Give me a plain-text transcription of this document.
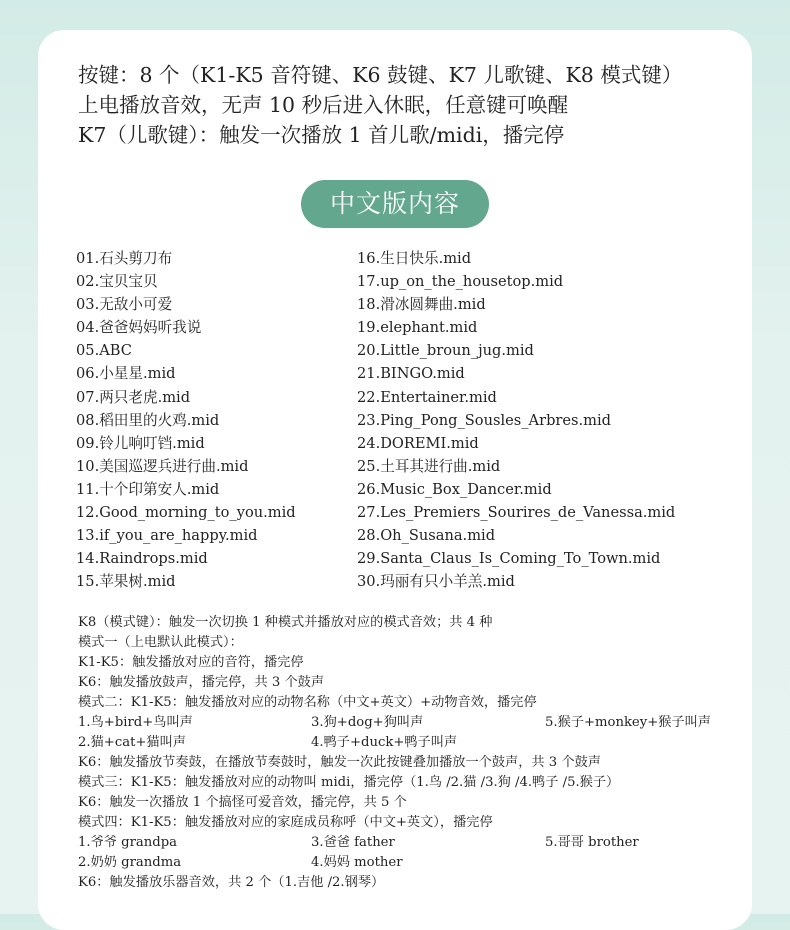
按键：8 个（K1-K5 音符键、K6 鼓键、K7 儿歌键、K8 模式键）
上电播放音效，无声 10 秒后进入休眠，任意键可唤醒
K7（儿歌键）：触发一次播放 1 首儿歌/midi，播完停
中文版内容
01.石头剪刀布
02.宝贝宝贝
03.无敌小可爱
04.爸爸妈妈听我说
05.ABC
06.小星星.mid
07.两只老虎.mid
08.稻田里的火鸡.mid
09.铃儿响叮铛.mid
10.美国巡逻兵进行曲.mid
11.十个印第安人.mid
12.Good_morning_to_you.mid
13.if_you_are_happy.mid
14.Raindrops.mid
15.苹果树.mid
16.生日快乐.mid
17.up_on_the_housetop.mid
18.滑冰圆舞曲.mid
19.elephant.mid
20.Little_broun_jug.mid
21.BINGO.mid
22.Entertainer.mid
23.Ping_Pong_Sousles_Arbres.mid
24.DOREMI.mid
25.土耳其进行曲.mid
26.Music_Box_Dancer.mid
27.Les_Premiers_Sourires_de_Vanessa.mid
28.Oh_Susana.mid
29.Santa_Claus_Is_Coming_To_Town.mid
30.玛丽有只小羊羔.mid
K8（模式键）：触发一次切换 1 种模式并播放对应的模式音效；共 4 种
模式一（上电默认此模式）：
K1-K5：触发播放对应的音符，播完停
K6：触发播放鼓声，播完停，共 3 个鼓声
模式二：K1-K5：触发播放对应的动物名称（中文+英文）+动物音效，播完停
1.鸟+bird+鸟叫声	3.狗+dog+狗叫声	5.猴子+monkey+猴子叫声
2.猫+cat+猫叫声	4.鸭子+duck+鸭子叫声
K6：触发播放节奏鼓，在播放节奏鼓时，触发一次此按键叠加播放一个鼓声，共 3 个鼓声
模式三：K1-K5：触发播放对应的动物叫 midi，播完停（1.鸟 /2.猫 /3.狗 /4.鸭子 /5.猴子）
K6：触发一次播放 1 个搞怪可爱音效，播完停，共 5 个
模式四：K1-K5：触发播放对应的家庭成员称呼（中文+英文），播完停
1.爷爷 grandpa	3.爸爸 father	5.哥哥 brother
2.奶奶 grandma	4.妈妈 mother
K6：触发播放乐器音效，共 2 个（1.吉他 /2.钢琴）
